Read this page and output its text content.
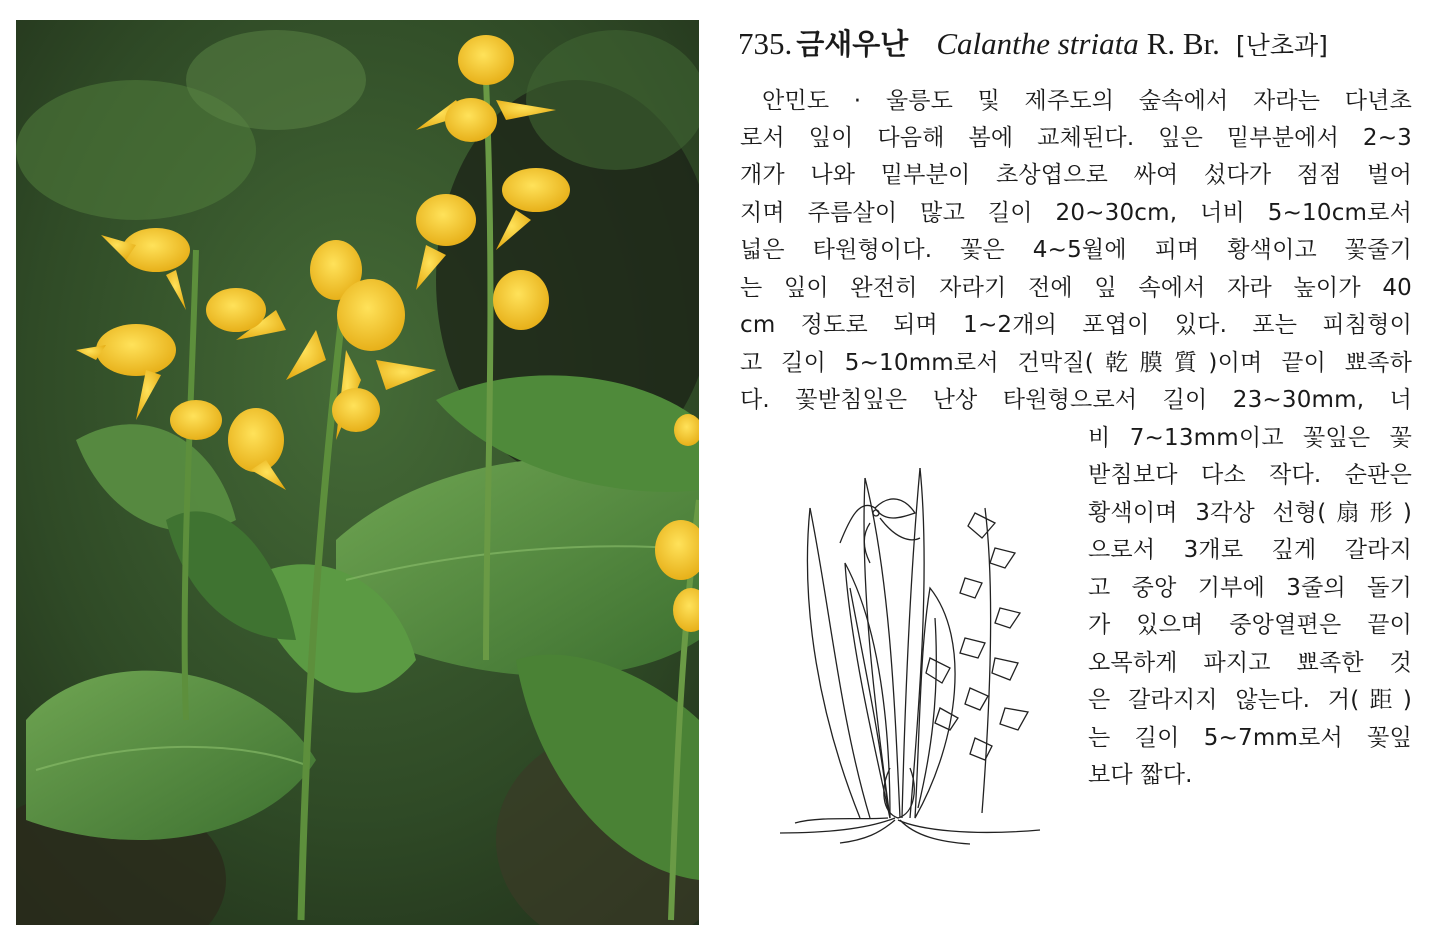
735. 금새우난 Calanthe striata R. Br. [난초과]
안민도 · 울릉도 및 제주도의 숲속에서 자라는 다년초
로서 잎이 다음해 봄에 교체된다. 잎은 밑부분에서 2~3
개가 나와 밑부분이 초상엽으로 싸여 섰다가 점점 벌어
지며 주름살이 많고 길이 20~30cm, 너비 5~10cm로서
넓은 타원형이다. 꽃은 4~5월에 피며 황색이고 꽃줄기
는 잎이 완전히 자라기 전에 잎 속에서 자라 높이가 40
cm 정도로 되며 1~2개의 포엽이 있다. 포는 피침형이
고 길이 5~10mm로서 건막질(乾膜質)이며 끝이 뾰족하
다. 꽃받침잎은 난상 타원형으로서 길이 23~30mm, 너
비 7~13mm이고 꽃잎은 꽃
받침보다 다소 작다. 순판은
황색이며 3각상 선형(扇形)
으로서 3개로 깊게 갈라지
고 중앙 기부에 3줄의 돌기
가 있으며 중앙열편은 끝이
오목하게 파지고 뾰족한 것
은 갈라지지 않는다. 거(距)
는 길이 5~7mm로서 꽃잎
보다 짧다.
